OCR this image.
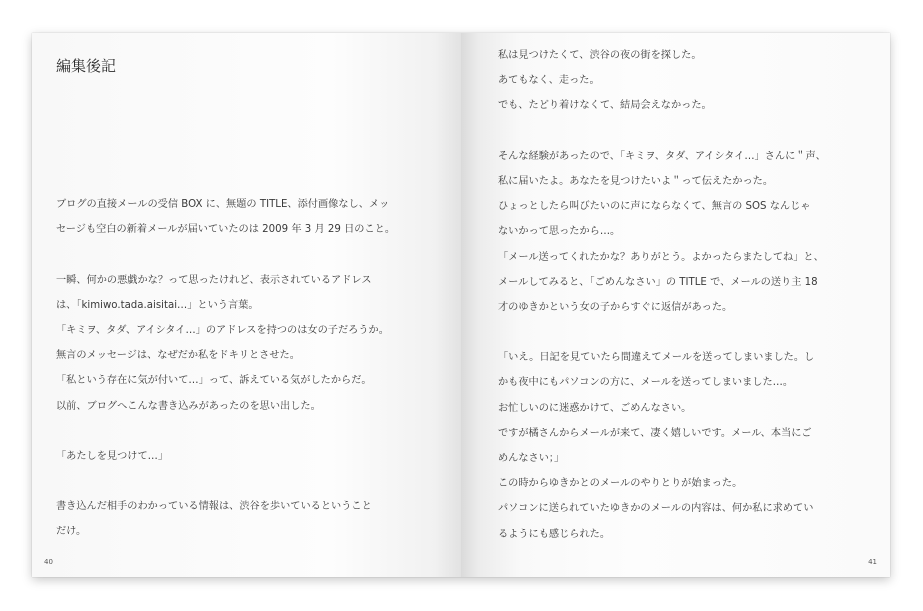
編集後記
ブログの直接メールの受信 BOX に、無題の TITLE、添付画像なし、メッ
セージも空白の新着メールが届いていたのは 2009 年 3 月 29 日のこと。
一瞬、何かの悪戯かな？って思ったけれど、表示されているアドレス
は、「kimiwo.tada.aisitai…」という言葉。
「キミヲ、タダ、アイシタイ…」のアドレスを持つのは女の子だろうか。
無言のメッセージは、なぜだか私をドキリとさせた。
「私という存在に気が付いて…」って、訴えている気がしたからだ。
以前、ブログへこんな書き込みがあったのを思い出した。
「あたしを見つけて…」
書き込んだ相手のわかっている情報は、渋谷を歩いているということ
だけ。
40
私は見つけたくて、渋谷の夜の街を探した。
あてもなく、走った。
でも、たどり着けなくて、結局会えなかった。
そんな経験があったので、「キミヲ、タダ、アイシタイ…」さんに＂声、
私に届いたよ。あなたを見つけたいよ＂って伝えたかった。
ひょっとしたら叫びたいのに声にならなくて、無言の SOS なんじゃ
ないかって思ったから…。
「メール送ってくれたかな？ありがとう。よかったらまたしてね」と、
メールしてみると、「ごめんなさい」の TITLE で、メールの送り主 18
才のゆきかという女の子からすぐに返信があった。
「いえ。日記を見ていたら間違えてメールを送ってしまいました。し
かも夜中にもパソコンの方に、メールを送ってしまいました…。
お忙しいのに迷惑かけて、ごめんなさい。
ですが橘さんからメールが来て、凄く嬉しいです。メール、本当にご
めんなさい；」
この時からゆきかとのメールのやりとりが始まった。
パソコンに送られていたゆきかのメールの内容は、何か私に求めてい
るようにも感じられた。
41
